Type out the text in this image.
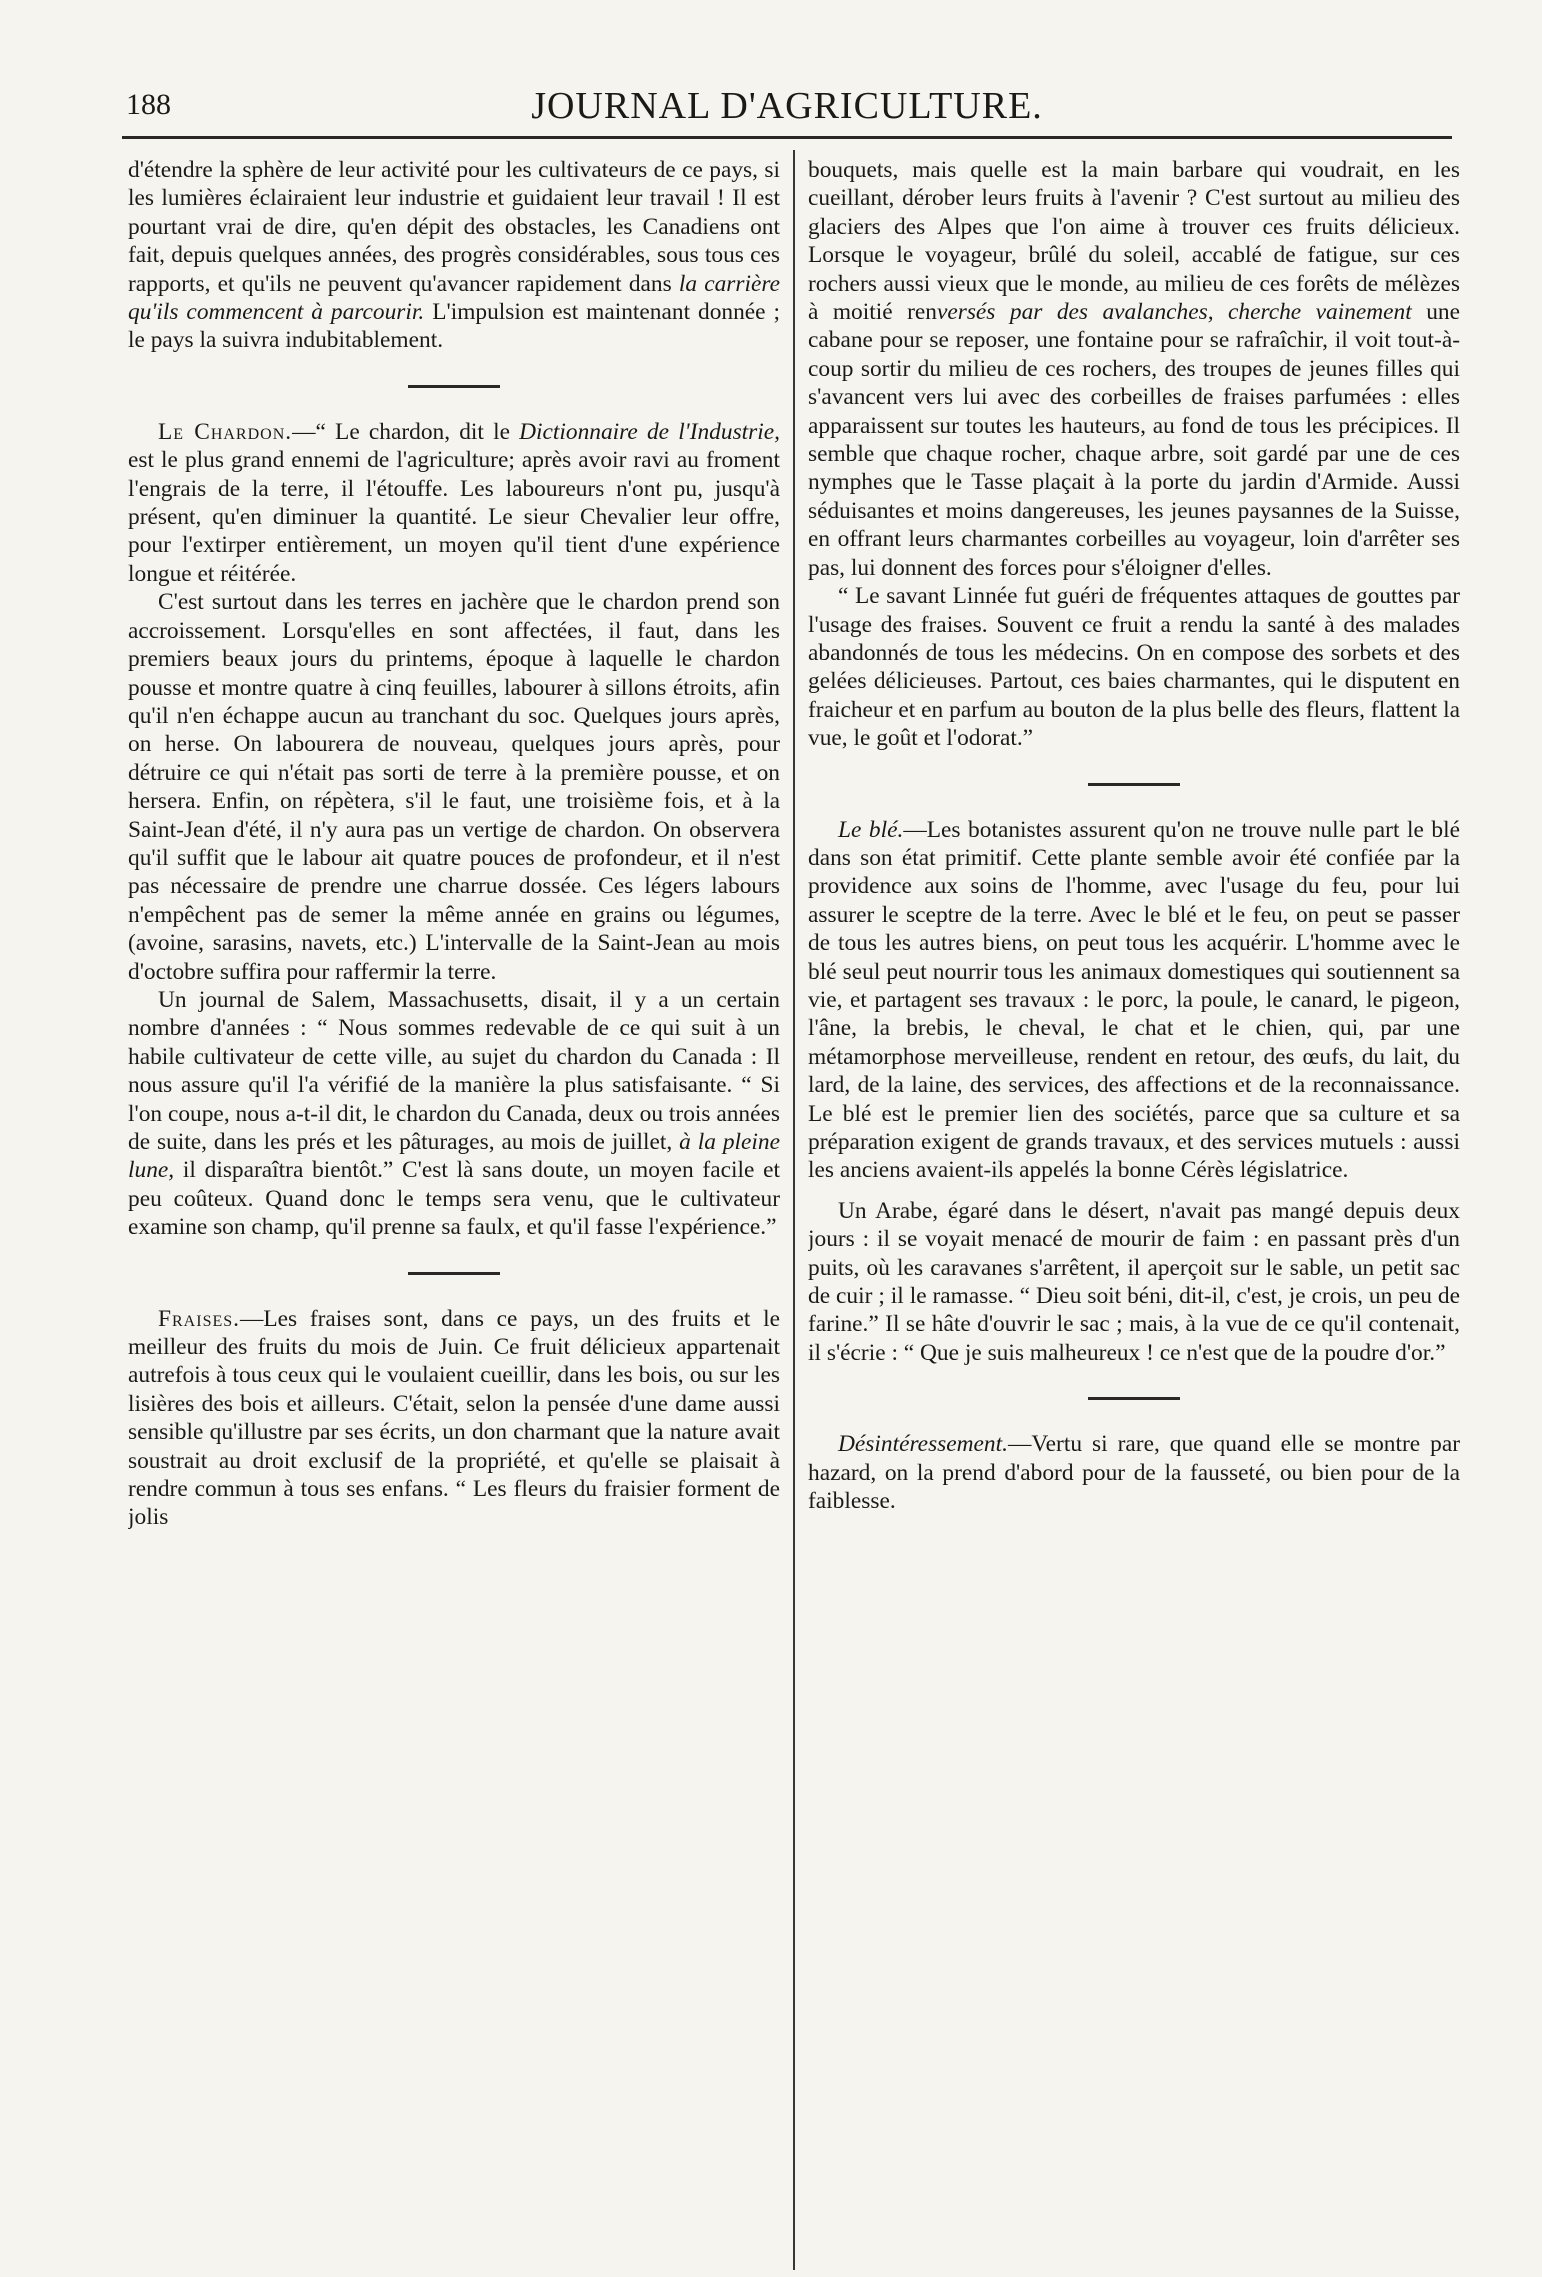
188	JOURNAL D'AGRICULTURE.

d'étendre la sphère de leur activité pour les cultivateurs de ce pays, si les lumières éclairaient leur industrie et guidaient leur travail ! Il est pourtant vrai de dire, qu'en dépit des obstacles, les Canadiens ont fait, depuis quelques années, des progrès considérables, sous tous ces rapports, et qu'ils ne peuvent qu'avancer rapidement dans la carrière qu'ils commencent à parcourir. L'impulsion est maintenant donnée ; le pays la suivra indubitablement.

Le Chardon.—“ Le chardon, dit le Dictionnaire de l'Industrie, est le plus grand ennemi de l'agriculture; après avoir ravi au froment l'engrais de la terre, il l'étouffe. Les laboureurs n'ont pu, jusqu'à présent, qu'en diminuer la quantité. Le sieur Chevalier leur offre, pour l'extirper entièrement, un moyen qu'il tient d'une expérience longue et réitérée.

C'est surtout dans les terres en jachère que le chardon prend son accroissement. Lorsqu'elles en sont affectées, il faut, dans les premiers beaux jours du printems, époque à laquelle le chardon pousse et montre quatre à cinq feuilles, labourer à sillons étroits, afin qu'il n'en échappe aucun au tranchant du soc. Quelques jours après, on herse. On labourera de nouveau, quelques jours après, pour détruire ce qui n'était pas sorti de terre à la première pousse, et on hersera. Enfin, on répètera, s'il le faut, une troisième fois, et à la Saint-Jean d'été, il n'y aura pas un vertige de chardon. On observera qu'il suffit que le labour ait quatre pouces de profondeur, et il n'est pas nécessaire de prendre une charrue dossée. Ces légers labours n'empêchent pas de semer la même année en grains ou légumes, (avoine, sarasins, navets, etc.) L'intervalle de la Saint-Jean au mois d'octobre suffira pour raffermir la terre.

Un journal de Salem, Massachusetts, disait, il y a un certain nombre d'années : “ Nous sommes redevable de ce qui suit à un habile cultivateur de cette ville, au sujet du chardon du Canada : Il nous assure qu'il l'a vérifié de la manière la plus satisfaisante. “ Si l'on coupe, nous a-t-il dit, le chardon du Canada, deux ou trois années de suite, dans les prés et les pâturages, au mois de juillet, à la pleine lune, il disparaîtra bientôt.” C'est là sans doute, un moyen facile et peu coûteux. Quand donc le temps sera venu, que le cultivateur examine son champ, qu'il prenne sa faulx, et qu'il fasse l'expérience.”

Fraises.—Les fraises sont, dans ce pays, un des fruits et le meilleur des fruits du mois de Juin. Ce fruit délicieux appartenait autrefois à tous ceux qui le voulaient cueillir, dans les bois, ou sur les lisières des bois et ailleurs. C'était, selon la pensée d'une dame aussi sensible qu'illustre par ses écrits, un don charmant que la nature avait soustrait au droit exclusif de la propriété, et qu'elle se plaisait à rendre commun à tous ses enfans. “ Les fleurs du fraisier forment de jolis

bouquets, mais quelle est la main barbare qui voudrait, en les cueillant, dérober leurs fruits à l'avenir ? C'est surtout au milieu des glaciers des Alpes que l'on aime à trouver ces fruits délicieux. Lorsque le voyageur, brûlé du soleil, accablé de fatigue, sur ces rochers aussi vieux que le monde, au milieu de ces forêts de mélèzes à moitié renversés par des avalanches, cherche vainement une cabane pour se reposer, une fontaine pour se rafraîchir, il voit tout-à-coup sortir du milieu de ces rochers, des troupes de jeunes filles qui s'avancent vers lui avec des corbeilles de fraises parfumées : elles apparaissent sur toutes les hauteurs, au fond de tous les précipices. Il semble que chaque rocher, chaque arbre, soit gardé par une de ces nymphes que le Tasse plaçait à la porte du jardin d'Armide. Aussi séduisantes et moins dangereuses, les jeunes paysannes de la Suisse, en offrant leurs charmantes corbeilles au voyageur, loin d'arrêter ses pas, lui donnent des forces pour s'éloigner d'elles.

“ Le savant Linnée fut guéri de fréquentes attaques de gouttes par l'usage des fraises. Souvent ce fruit a rendu la santé à des malades abandonnés de tous les médecins. On en compose des sorbets et des gelées délicieuses. Partout, ces baies charmantes, qui le disputent en fraicheur et en parfum au bouton de la plus belle des fleurs, flattent la vue, le goût et l'odorat.”

Le blé.—Les botanistes assurent qu'on ne trouve nulle part le blé dans son état primitif. Cette plante semble avoir été confiée par la providence aux soins de l'homme, avec l'usage du feu, pour lui assurer le sceptre de la terre. Avec le blé et le feu, on peut se passer de tous les autres biens, on peut tous les acquérir. L'homme avec le blé seul peut nourrir tous les animaux domestiques qui soutiennent sa vie, et partagent ses travaux : le porc, la poule, le canard, le pigeon, l'âne, la brebis, le cheval, le chat et le chien, qui, par une métamorphose merveilleuse, rendent en retour, des œufs, du lait, du lard, de la laine, des services, des affections et de la reconnaissance. Le blé est le premier lien des sociétés, parce que sa culture et sa préparation exigent de grands travaux, et des services mutuels : aussi les anciens avaient-ils appelés la bonne Cérès législatrice.

Un Arabe, égaré dans le désert, n'avait pas mangé depuis deux jours : il se voyait menacé de mourir de faim : en passant près d'un puits, où les caravanes s'arrêtent, il aperçoit sur le sable, un petit sac de cuir ; il le ramasse. “ Dieu soit béni, dit-il, c'est, je crois, un peu de farine.” Il se hâte d'ouvrir le sac ; mais, à la vue de ce qu'il contenait, il s'écrie : “ Que je suis malheureux ! ce n'est que de la poudre d'or.”

Désintéressement.—Vertu si rare, que quand elle se montre par hazard, on la prend d'abord pour de la fausseté, ou bien pour de la faiblesse.
